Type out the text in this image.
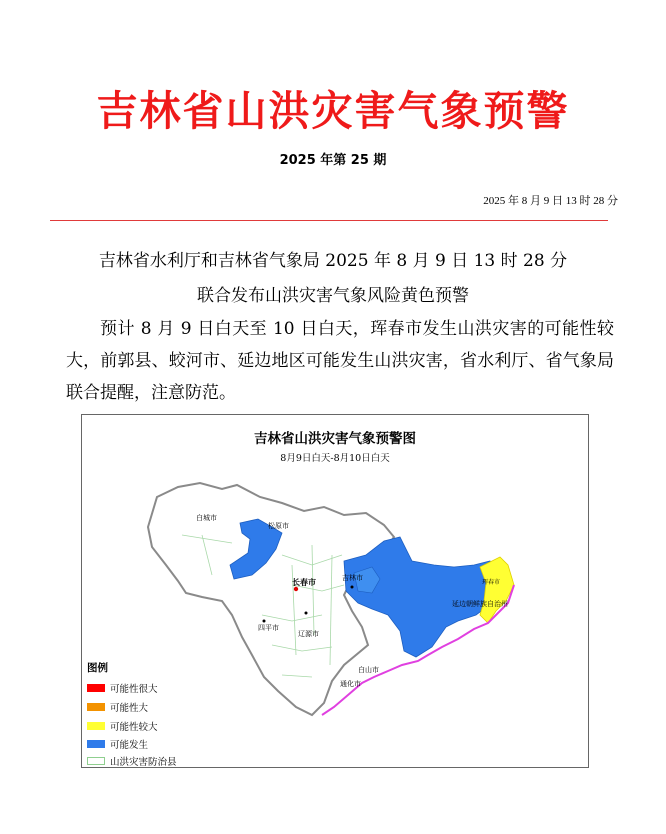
吉林省山洪灾害气象预警
2025 年第 25 期
2025 年 8 月 9 日 13 时 28 分
吉林省水利厅和吉林省气象局 2025 年 8 月 9 日 13 时 28 分
联合发布山洪灾害气象风险黄色预警
预计 8 月 9 日白天至 10 日白天，珲春市发生山洪灾害的可能性较大，前郭县、蛟河市、延边地区可能发生山洪灾害，省水利厅、省气象局联合提醒，注意防范。
吉林省山洪灾害气象预警图
8月9日白天-8月10日白天
白城市
松原市
长春市	吉林市
四平市
辽源市
白山市
通化市
延边朝鲜族自治州
珲春市
图例
可能性很大
可能性大
可能性较大
可能发生
山洪灾害防治县
